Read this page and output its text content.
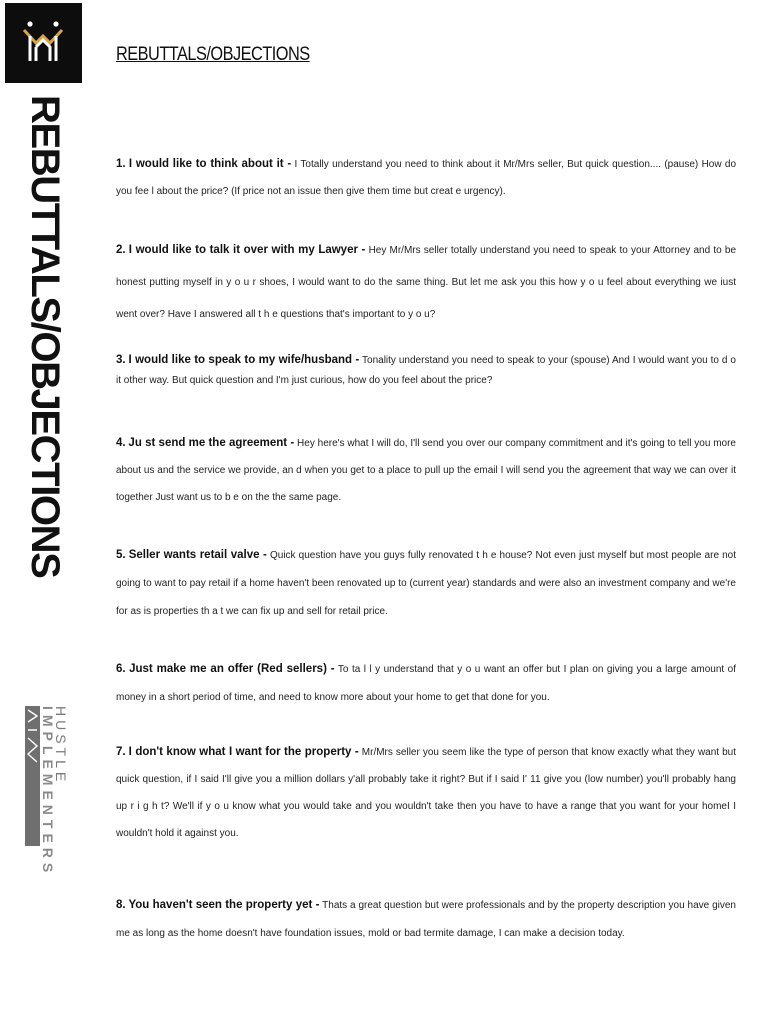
REBUTTALS/OBJECTIONS
HUSTLE
IMPLEMENTERS
REBUTTALS/OBJECTIONS
1. I would like to think about it - I Totally understand you need to think about it Mr/Mrs seller, But quick question.... (pause) How do you fee l about the price? (If price not an issue then give them time but creat e urgency).
2. I would like to talk it over with my Lawyer - Hey Mr/Mrs seller totally understand you need to speak to your Attorney and to be honest putting myself in y o u r shoes, I would want to do the same thing. But let me ask you this how y o u feel about everything we iust went over? Have I answered all t h e questions that's important to y o u?
3. I would like to speak to my wife/husband - Tonality understand you need to speak to your (spouse) And I would want you to d o it other way. But quick question and I'm just curious, how do you feel about the price?
4. Ju st send me the agreement - Hey here's what I will do, I'll send you over our company commitment and it's going to tell you more about us and the service we provide, an d when you get to a place to pull up the email I will send you the agreement that way we can over it together Just want us to b e on the the same page.
5. Seller wants retail valve - Quick question have you guys fully renovated t h e house? Not even just myself but most people are not going to want to pay retail if a home haven't been renovated up to (current year) standards and were also an investment company and we're for as is properties th a t we can fix up and sell for retail price.
6. Just make me an offer (Red sellers) - To ta l l y understand that y o u want an offer but I plan on giving you a large amount of money in a short period of time, and need to know more about your home to get that done for you.
7. I don't know what I want for the property - Mr/Mrs seller you seem like the type of person that know exactly what they want but quick question, if I said I'll give you a million dollars y'all probably take it right? But if I said I' 11 give you (low number) you'll probably hang up r i g h t? We'll if y o u know what you would take and you wouldn't take then you have to have a range that you want for your homeI I wouldn't hold it against you.
8. You haven't seen the property yet - Thats a great question but were professionals and by the property description you have given me as long as the home doesn't have foundation issues, mold or bad termite damage, I can make a decision today.
